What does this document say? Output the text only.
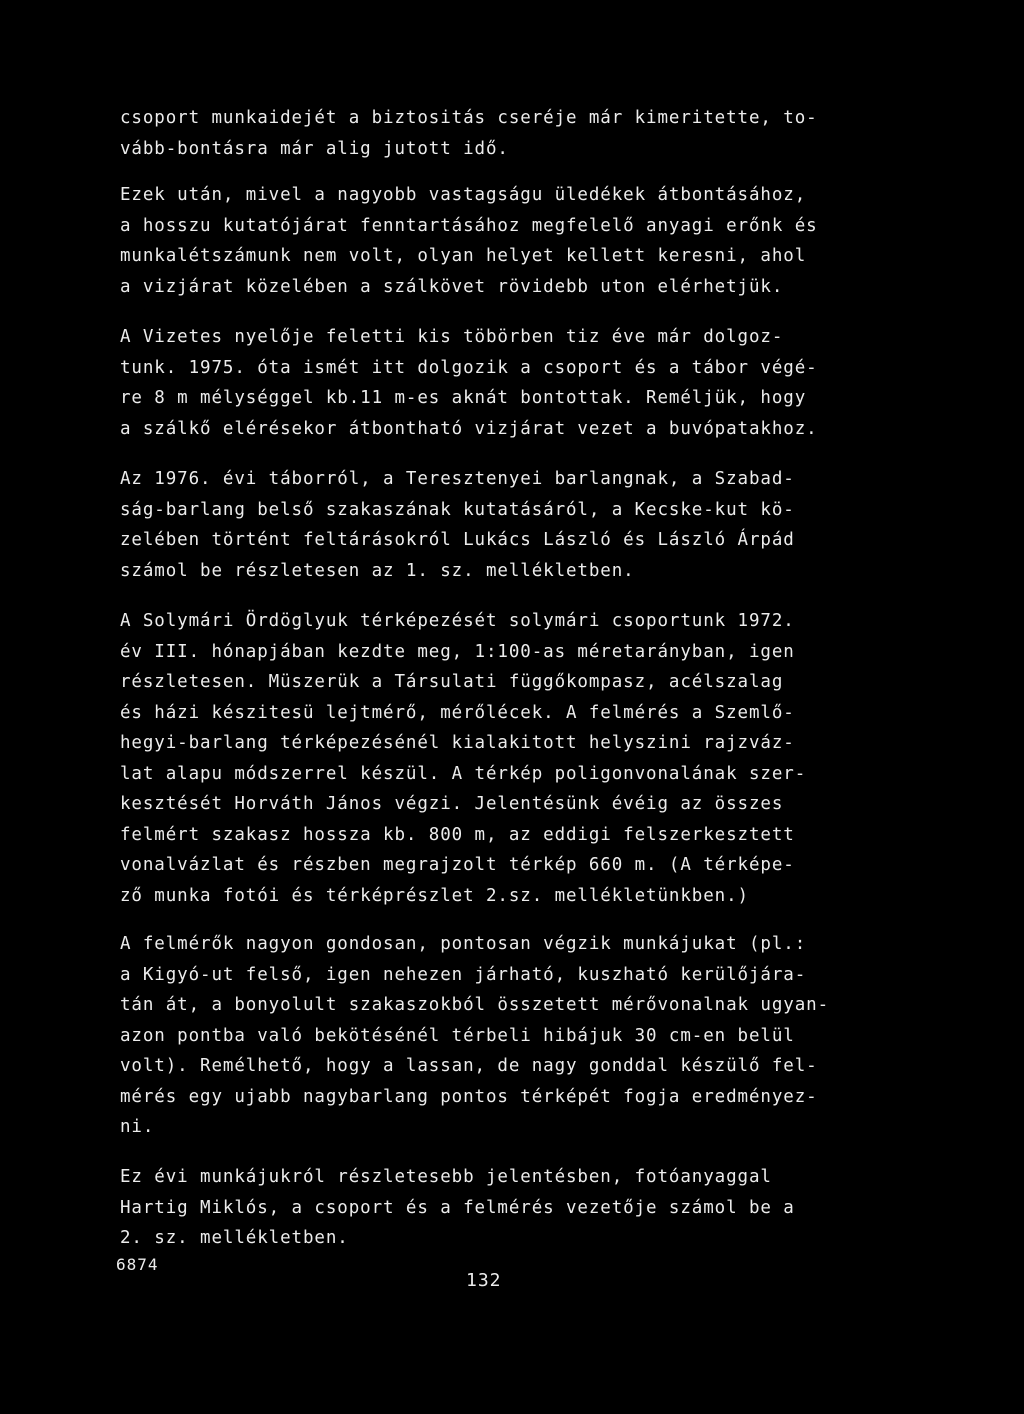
csoport munkaidejét a biztositás cseréje már kimeritette, to-
vább-bontásra már alig jutott idő.
Ezek után, mivel a nagyobb vastagságu üledékek átbontásához,
a hosszu kutatójárat fenntartásához megfelelő anyagi erőnk és
munkalétszámunk nem volt, olyan helyet kellett keresni, ahol
a vizjárat közelében a szálkövet rövidebb uton elérhetjük.
A Vizetes nyelője feletti kis töbörben tiz éve már dolgoz-
tunk. 1975. óta ismét itt dolgozik a csoport és a tábor végé-
re 8 m mélységgel kb.11 m-es aknát bontottak. Reméljük, hogy
a szálkő elérésekor átbontható vizjárat vezet a buvópatakhoz.
Az 1976. évi táborról, a Teresztenyei barlangnak, a Szabad-
ság-barlang belső szakaszának kutatásáról, a Kecske-kut kö-
zelében történt feltárásokról Lukács László és László Árpád
számol be részletesen az 1. sz. mellékletben.
A Solymári Ördöglyuk térképezését solymári csoportunk 1972.
év III. hónapjában kezdte meg, 1:100-as méretarányban, igen
részletesen. Müszerük a Társulati függőkompasz, acélszalag
és házi készitesü lejtmérő, mérőlécek. A felmérés a Szemlő-
hegyi-barlang térképezésénél kialakitott helyszini rajzváz-
lat alapu módszerrel készül. A térkép poligonvonalának szer-
kesztését Horváth János végzi. Jelentésünk évéig az összes
felmért szakasz hossza kb. 800 m, az eddigi felszerkesztett
vonalvázlat és részben megrajzolt térkép 660 m. (A térképe-
ző munka fotói és térképrészlet 2.sz. mellékletünkben.)
A felmérők nagyon gondosan, pontosan végzik munkájukat (pl.:
a Kigyó-ut felső, igen nehezen járható, kuszható kerülőjára-
tán át, a bonyolult szakaszokból összetett mérővonalnak ugyan-
azon pontba való bekötésénél térbeli hibájuk 30 cm-en belül
volt). Remélhető, hogy a lassan, de nagy gonddal készülő fel-
mérés egy ujabb nagybarlang pontos térképét fogja eredményez-
ni.
Ez évi munkájukról részletesebb jelentésben, fotóanyaggal
Hartig Miklós, a csoport és a felmérés vezetője számol be a
2. sz. mellékletben.
6874
132
